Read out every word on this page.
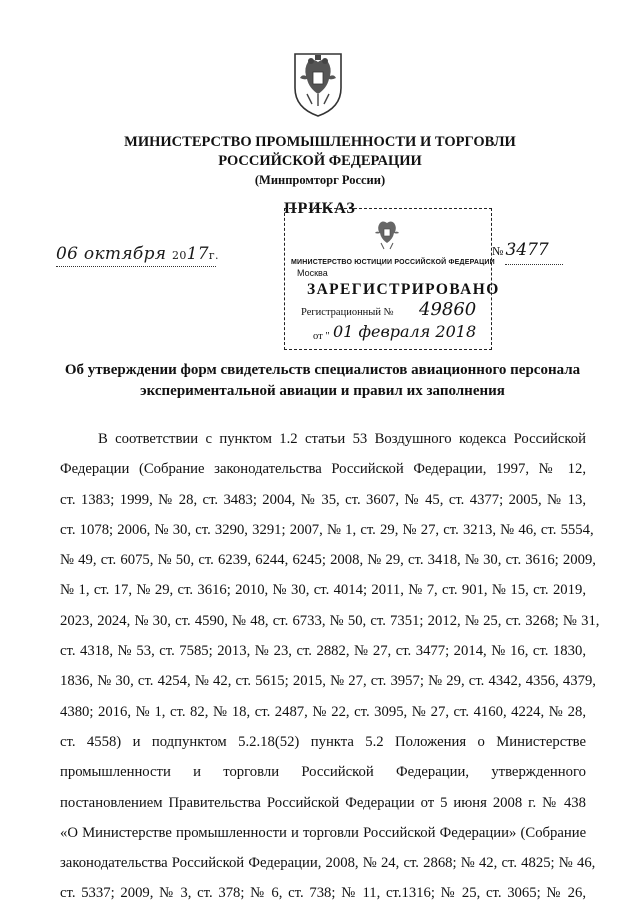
МИНИСТЕРСТВО ПРОМЫШЛЕННОСТИ И ТОРГОВЛИ
РОССИЙСКОЙ ФЕДЕРАЦИИ
(Минпромторг России)
ПРИКАЗ
06 октября 2017г.	№ 3477
МИНИСТЕРСТВО ЮСТИЦИИ РОССИЙСКОЙ ФЕДЕРАЦИИ
Москва
ЗАРЕГИСТРИРОВАНО
Регистрационный № 49860
от " 01 февраля 2018
Об утверждении форм свидетельств специалистов авиационного персонала
экспериментальной авиации и правил их заполнения
В соответствии с пунктом 1.2 статьи 53 Воздушного кодекса Российской
Федерации (Собрание законодательства Российской Федерации, 1997, № 12,
ст. 1383; 1999, № 28, ст. 3483; 2004, № 35, ст. 3607, № 45, ст. 4377; 2005, № 13,
ст. 1078; 2006, № 30, ст. 3290, 3291; 2007, № 1, ст. 29, № 27, ст. 3213, № 46, ст. 5554,
№ 49, ст. 6075, № 50, ст. 6239, 6244, 6245; 2008, № 29, ст. 3418, № 30, ст. 3616; 2009,
№ 1, ст. 17, № 29, ст. 3616; 2010, № 30, ст. 4014; 2011, № 7, ст. 901, № 15, ст. 2019,
2023, 2024, № 30, ст. 4590, № 48, ст. 6733, № 50, ст. 7351; 2012, № 25, ст. 3268; № 31,
ст. 4318, № 53, ст. 7585; 2013, № 23, ст. 2882, № 27, ст. 3477; 2014, № 16, ст. 1830,
1836, № 30, ст. 4254, № 42, ст. 5615; 2015, № 27, ст. 3957; № 29, ст. 4342, 4356, 4379,
4380; 2016, № 1, ст. 82, № 18, ст. 2487, № 22, ст. 3095, № 27, ст. 4160, 4224, № 28,
ст. 4558) и подпунктом 5.2.18(52) пункта 5.2 Положения о Министерстве
промышленности и торговли Российской Федерации, утвержденного
постановлением Правительства Российской Федерации от 5 июня 2008 г. № 438
«О Министерстве промышленности и торговли Российской Федерации» (Собрание
законодательства Российской Федерации, 2008, № 24, ст. 2868; № 42, ст. 4825; № 46,
ст. 5337; 2009, № 3, ст. 378; № 6, ст. 738; № 11, ст.1316; № 25, ст. 3065; № 26,
